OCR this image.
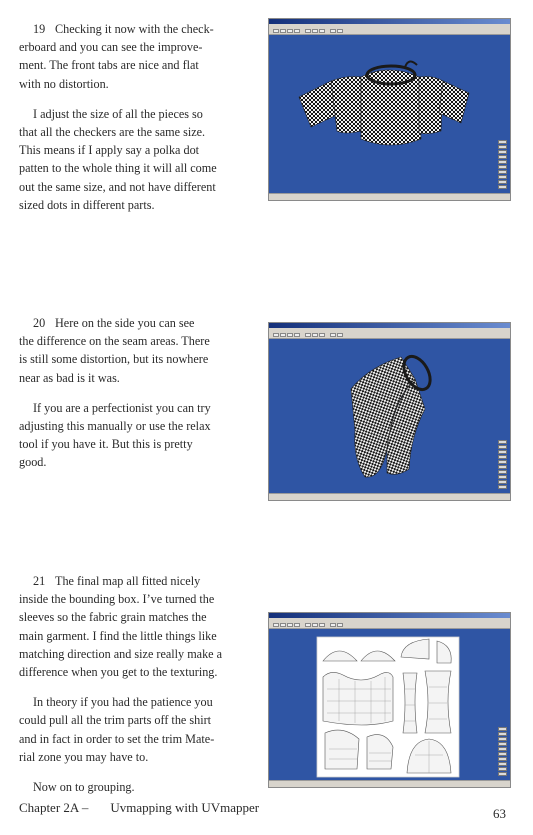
19 Checking it now with the check-
erboard and you can see the improve-
ment. The front tabs are nice and flat
with no distortion.

I adjust the size of all the pieces so
that all the checkers are the same size.
This means if I apply say a polka dot
patten to the whole thing it will all come
out the same size, and not have different
sized dots in different parts.

20 Here on the side you can see
the difference on the seam areas. There
is still some distortion, but its nowhere
near as bad is it was.

If you are a perfectionist you can try
adjusting this manually or use the relax
tool if you have it. But this is pretty
good.

21 The final map all fitted nicely
inside the bounding box. I’ve turned the
sleeves so the fabric grain matches the
main garment. I find the little things like
matching direction and size really make a
difference when you get to the texturing.

In theory if you had the patience you
could pull all the trim parts off the shirt
and in fact in order to set the trim Mate-
rial zone you may have to.

Now on to grouping.

Chapter 2A – Uvmapping with UVmapper	63
